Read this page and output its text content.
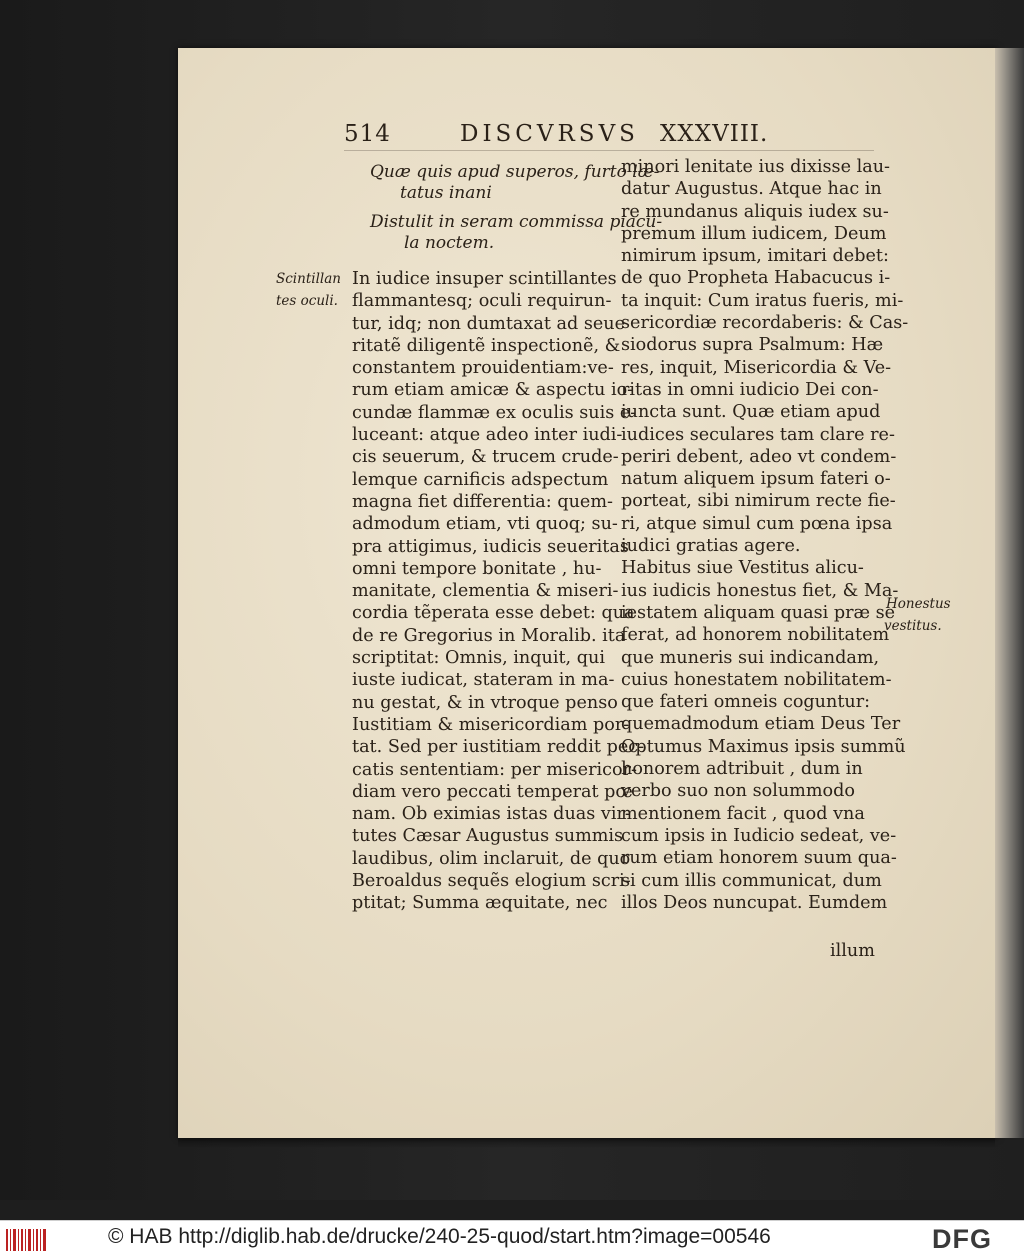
514	DISCVRSVS XXXVIII.
Quæ quis apud superos, furto læ-
tatus inani
Distulit in seram commissa piacu-
la noctem.
Scintillan
tes oculi.
Honestus
vestitus.
In iudice insuper scintillantes
flammantesq; oculi requirun-
tur, idq; non dumtaxat ad seue
ritatẽ diligentẽ inspectionẽ, &
constantem prouidentiam:ve-
rum etiam amicæ & aspectu io-
cundæ flammæ ex oculis suis e-
luceant: atque adeo inter iudi-
cis seuerum, & trucem crude-
lemque carnificis adspectum
magna fiet differentia: quem-
admodum etiam, vti quoq; su-
pra attigimus, iudicis seueritas
omni tempore bonitate , hu-
manitate, clementia & miseri-
cordia tẽperata esse debet: qua
de re Gregorius in Moralib. ita
scriptitat: Omnis, inquit, qui
iuste iudicat, stateram in ma-
nu gestat, & in vtroque penso
Iustitiam & misericordiam por-
tat. Sed per iustitiam reddit pec-
catis sententiam: per misericor-
diam vero peccati temperat pœ
nam. Ob eximias istas duas vir-
tutes Cæsar Augustus summis
laudibus, olim inclaruit, de quo
Beroaldus sequẽs elogium scri-
ptitat; Summa æquitate, nec
minori lenitate ius dixisse lau-
datur Augustus. Atque hac in
re mundanus aliquis iudex su-
premum illum iudicem, Deum
nimirum ipsum, imitari debet:
de quo Propheta Habacucus i-
ta inquit: Cum iratus fueris, mi-
sericordiæ recordaberis: & Cas-
siodorus supra Psalmum: Hæ
res, inquit, Misericordia & Ve-
ritas in omni iudicio Dei con-
iuncta sunt. Quæ etiam apud
iudices seculares tam clare re-
periri debent, adeo vt condem-
natum aliquem ipsum fateri o-
porteat, sibi nimirum recte fie-
ri, atque simul cum pœna ipsa
iudici gratias agere.
Habitus siue Vestitus alicu-
ius iudicis honestus fiet, & Ma-
iestatem aliquam quasi præ se
ferat, ad honorem nobilitatem
que muneris sui indicandam,
cuius honestatem nobilitatem-
que fateri omneis coguntur:
quemadmodum etiam Deus Ter
Optumus Maximus ipsis summũ
honorem adtribuit , dum in
verbo suo non solummodo
mentionem facit , quod vna
cum ipsis in Iudicio sedeat, ve-
rum etiam honorem suum qua-
si cum illis communicat, dum
illos Deos nuncupat. Eumdem
illum
© HAB http://diglib.hab.de/drucke/240-25-quod/start.htm?image=00546	DFG
